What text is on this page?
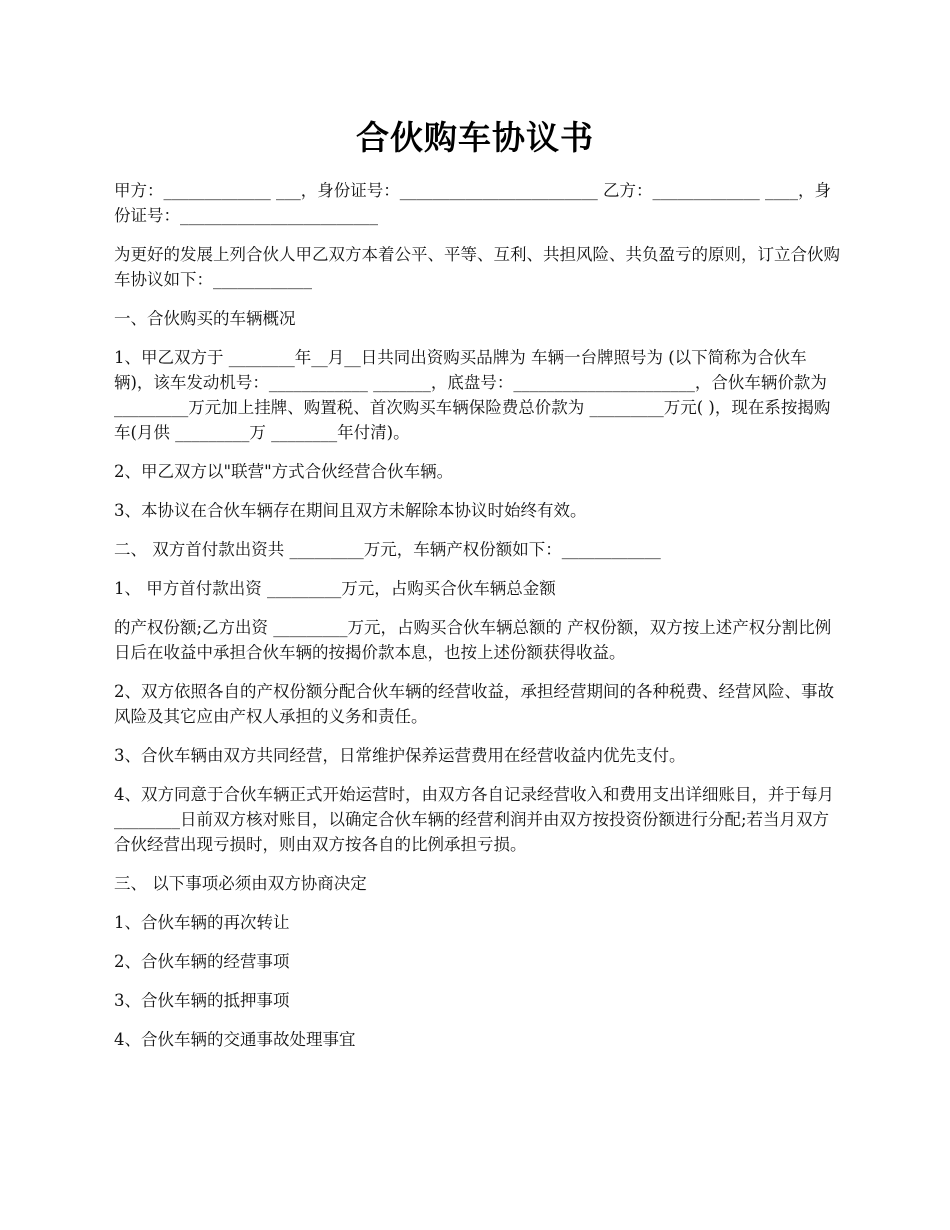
合伙购车协议书

甲方：_____________ ___，身份证号：________________________ 乙方：_____________ ____，身份证号：________________________

为更好的发展上列合伙人甲乙双方本着公平、平等、互利、共担风险、共负盈亏的原则，订立合伙购车协议如下：____________

一、合伙购买的车辆概况

1、甲乙双方于 ________年__月__日共同出资购买品牌为 车辆一台牌照号为 (以下简称为合伙车辆)，该车发动机号：____________ _______，底盘号：______________________，合伙车辆价款为 _________万元加上挂牌、购置税、首次购买车辆保险费总价款为 _________万元( )，现在系按揭购车(月供 _________万 ________年付清)。

2、甲乙双方以"联营"方式合伙经营合伙车辆。

3、本协议在合伙车辆存在期间且双方未解除本协议时始终有效。

二、 双方首付款出资共 _________万元，车辆产权份额如下：____________

1、 甲方首付款出资 _________万元，占购买合伙车辆总金额

的产权份额;乙方出资 _________万元，占购买合伙车辆总额的 产权份额，双方按上述产权分割比例日后在收益中承担合伙车辆的按揭价款本息，也按上述份额获得收益。

2、双方依照各自的产权份额分配合伙车辆的经营收益，承担经营期间的各种税费、经营风险、事故风险及其它应由产权人承担的义务和责任。

3、合伙车辆由双方共同经营，日常维护保养运营费用在经营收益内优先支付。

4、双方同意于合伙车辆正式开始运营时，由双方各自记录经营收入和费用支出详细账目，并于每月 ________日前双方核对账目，以确定合伙车辆的经营利润并由双方按投资份额进行分配;若当月双方合伙经营出现亏损时，则由双方按各自的比例承担亏损。

三、 以下事项必须由双方协商决定

1、合伙车辆的再次转让

2、合伙车辆的经营事项

3、合伙车辆的抵押事项

4、合伙车辆的交通事故处理事宜
